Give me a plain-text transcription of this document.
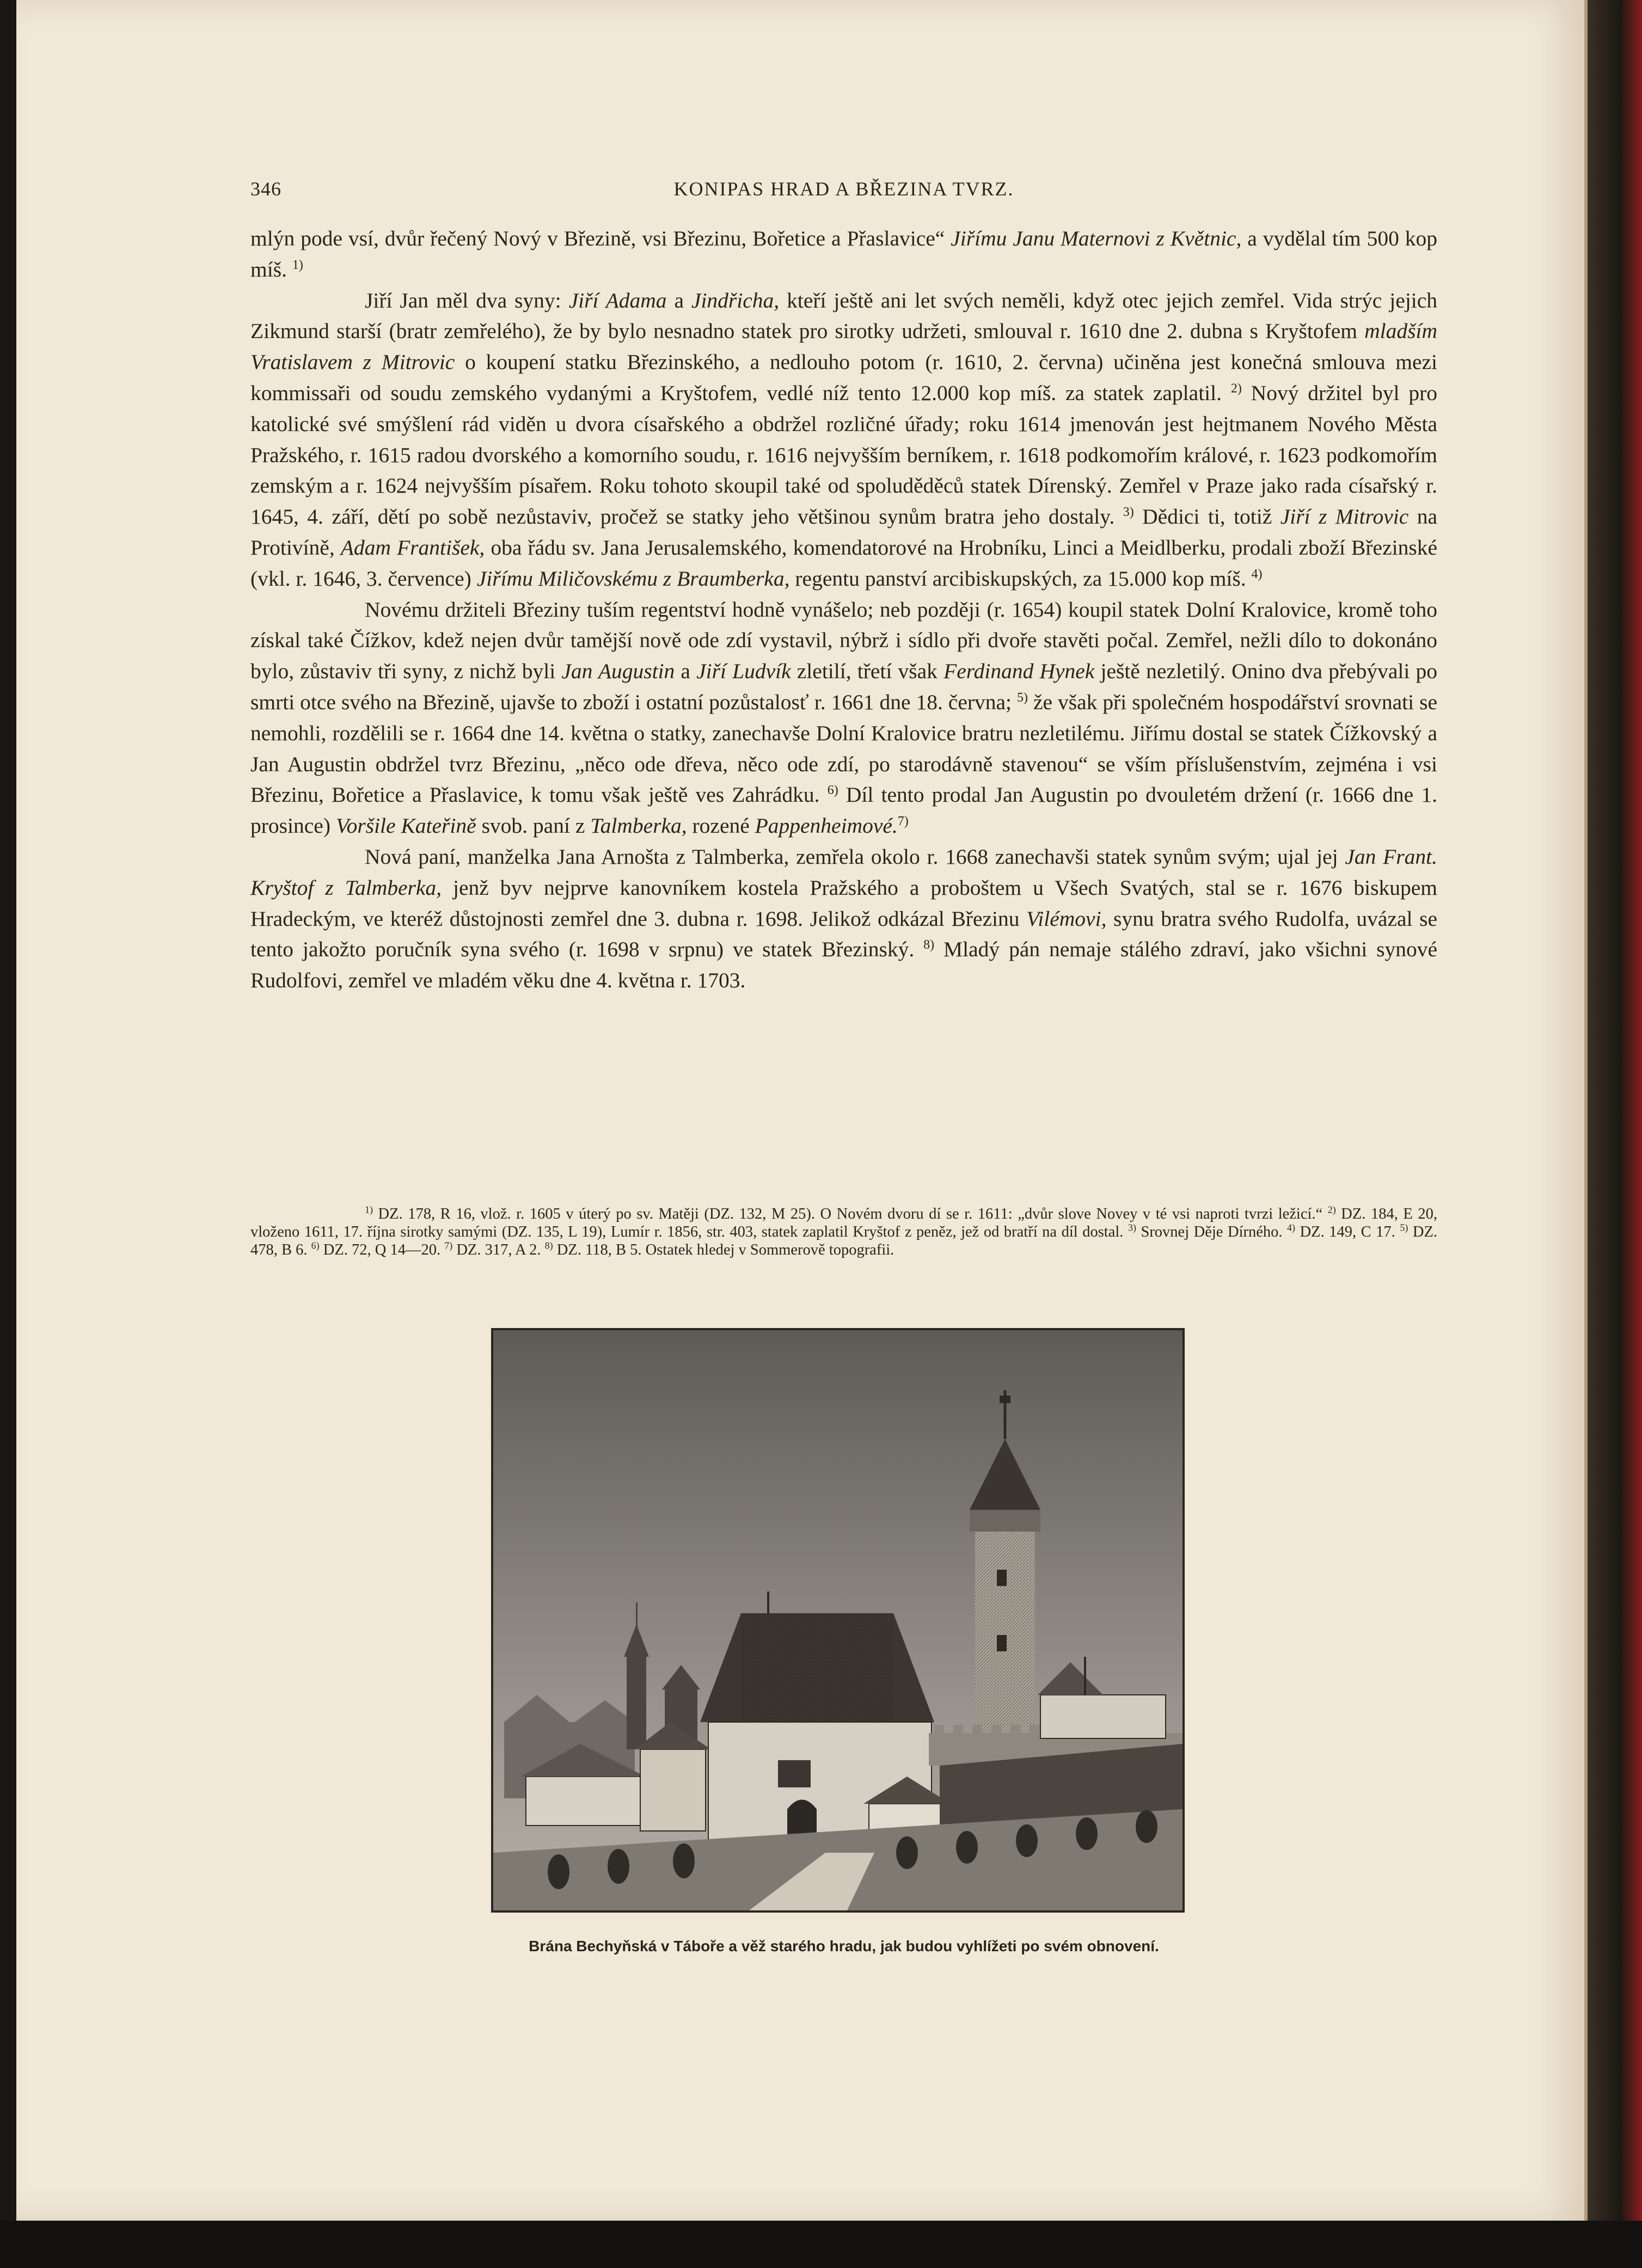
346	KONIPAS HRAD A BŘEZINA TVRZ.

mlýn pode vsí, dvůr řečený Nový v Březině, vsi Březinu, Bořetice a Přaslavice“ Jiřímu Janu Maternovi z Květnic, a vydělal tím 500 kop míš. $^{1)}$

Jiří Jan měl dva syny: Jiří Adama a Jindřicha, kteří ještě ani let svých neměli, když otec jejich zemřel. Vida strýc jejich Zikmund starší (bratr zemřelého), že by bylo nesnadno statek pro sirotky udržeti, smlouval r. 1610 dne 2. dubna s Kryštofem mladším Vratislavem z Mitrovic o koupení statku Březinského, a nedlouho potom (r. 1610, 2. června) učiněna jest konečná smlouva mezi kommissaři od soudu zemského vydanými a Kryštofem, vedlé níž tento 12.000 kop míš. za statek zaplatil. $^{2)}$ Nový držitel byl pro katolické své smýšlení rád viděn u dvora císařského a obdržel rozličné úřady; roku 1614 jmenován jest hejtmanem Nového Města Pražského, r. 1615 radou dvorského a komorního soudu, r. 1616 nejvyšším berníkem, r. 1618 podkomořím králové, r. 1623 podkomořím zemským a r. 1624 nejvyšším písařem. Roku tohoto skoupil také od spoluděděců statek Dírenský. Zemřel v Praze jako rada císařský r. 1645, 4. září, dětí po sobě nezůstaviv, pročež se statky jeho většinou synům bratra jeho dostaly. $^{3)}$ Dědici ti, totiž Jiří z Mitrovic na Protivíně, Adam František, oba řádu sv. Jana Jerusalemského, komendatorové na Hrobníku, Linci a Meidlberku, prodali zboží Březinské (vkl. r. 1646, 3. července) Jiřímu Miličovskému z Braumberka, regentu panství arcibiskupských, za 15.000 kop míš. $^{4)}$

Novému držiteli Březiny tuším regentství hodně vynášelo; neb později (r. 1654) koupil statek Dolní Kralovice, kromě toho získal také Čížkov, kdež nejen dvůr tamější nově ode zdí vystavil, nýbrž i sídlo při dvoře stavěti počal. Zemřel, nežli dílo to dokonáno bylo, zůstaviv tři syny, z nichž byli Jan Augustin a Jiří Ludvík zletilí, třetí však Ferdinand Hynek ještě nezletilý. Onino dva přebývali po smrti otce svého na Březině, ujavše to zboží i ostatní pozůstalosť r. 1661 dne 18. června; $^{5)}$ že však při společném hospodářství srovnati se nemohli, rozdělili se r. 1664 dne 14. května o statky, zanechavše Dolní Kralovice bratru nezletilému. Jiřímu dostal se statek Čížkovský a Jan Augustin obdržel tvrz Březinu, „něco ode dřeva, něco ode zdí, po starodávně stavenou“ se vším příslušenstvím, zejména i vsi Březinu, Bořetice a Přaslavice, k tomu však ještě ves Zahrádku. $^{6)}$ Díl tento prodal Jan Augustin po dvouletém držení (r. 1666 dne 1. prosince) Voršile Kateřině svob. paní z Talmberka, rozené Pappenheimové.$^{7)}$

Nová paní, manželka Jana Arnošta z Talmberka, zemřela okolo r. 1668 zanechavši statek synům svým; ujal jej Jan Frant. Kryštof z Talmberka, jenž byv nejprve kanovníkem kostela Pražského a proboštem u Všech Svatých, stal se r. 1676 biskupem Hradeckým, ve kteréž důstojnosti zemřel dne 3. dubna r. 1698. Jelikož odkázal Březinu Vilémovi, synu bratra svého Rudolfa, uvázal se tento jakožto poručník syna svého (r. 1698 v srpnu) ve statek Březinský. $^{8)}$ Mladý pán nemaje stálého zdraví, jako všichni synové Rudolfovi, zemřel ve mladém věku dne 4. května r. 1703.

$^{1)}$ DZ. 178, R 16, vlož. r. 1605 v úterý po sv. Matěji (DZ. 132, M 25). O Novém dvoru dí se r. 1611: „dvůr slove Novey v té vsi naproti tvrzi ležicí.“ $^{2)}$ DZ. 184, E 20, vloženo 1611, 17. října sirotky samými (DZ. 135, L 19), Lumír r. 1856, str. 403, statek zaplatil Kryštof z peněz, jež od bratří na díl dostal. $^{3)}$ Srovnej Děje Dírného. $^{4)}$ DZ. 149, C 17. $^{5)}$ DZ. 478, B 6. $^{6)}$ DZ. 72, Q 14—20. $^{7)}$ DZ. 317, A 2. $^{8)}$ DZ. 118, B 5. Ostatek hledej v Sommerově topografii.

Brána Bechyňská v Táboře a věž starého hradu, jak budou vyhlížeti po svém obnovení.
